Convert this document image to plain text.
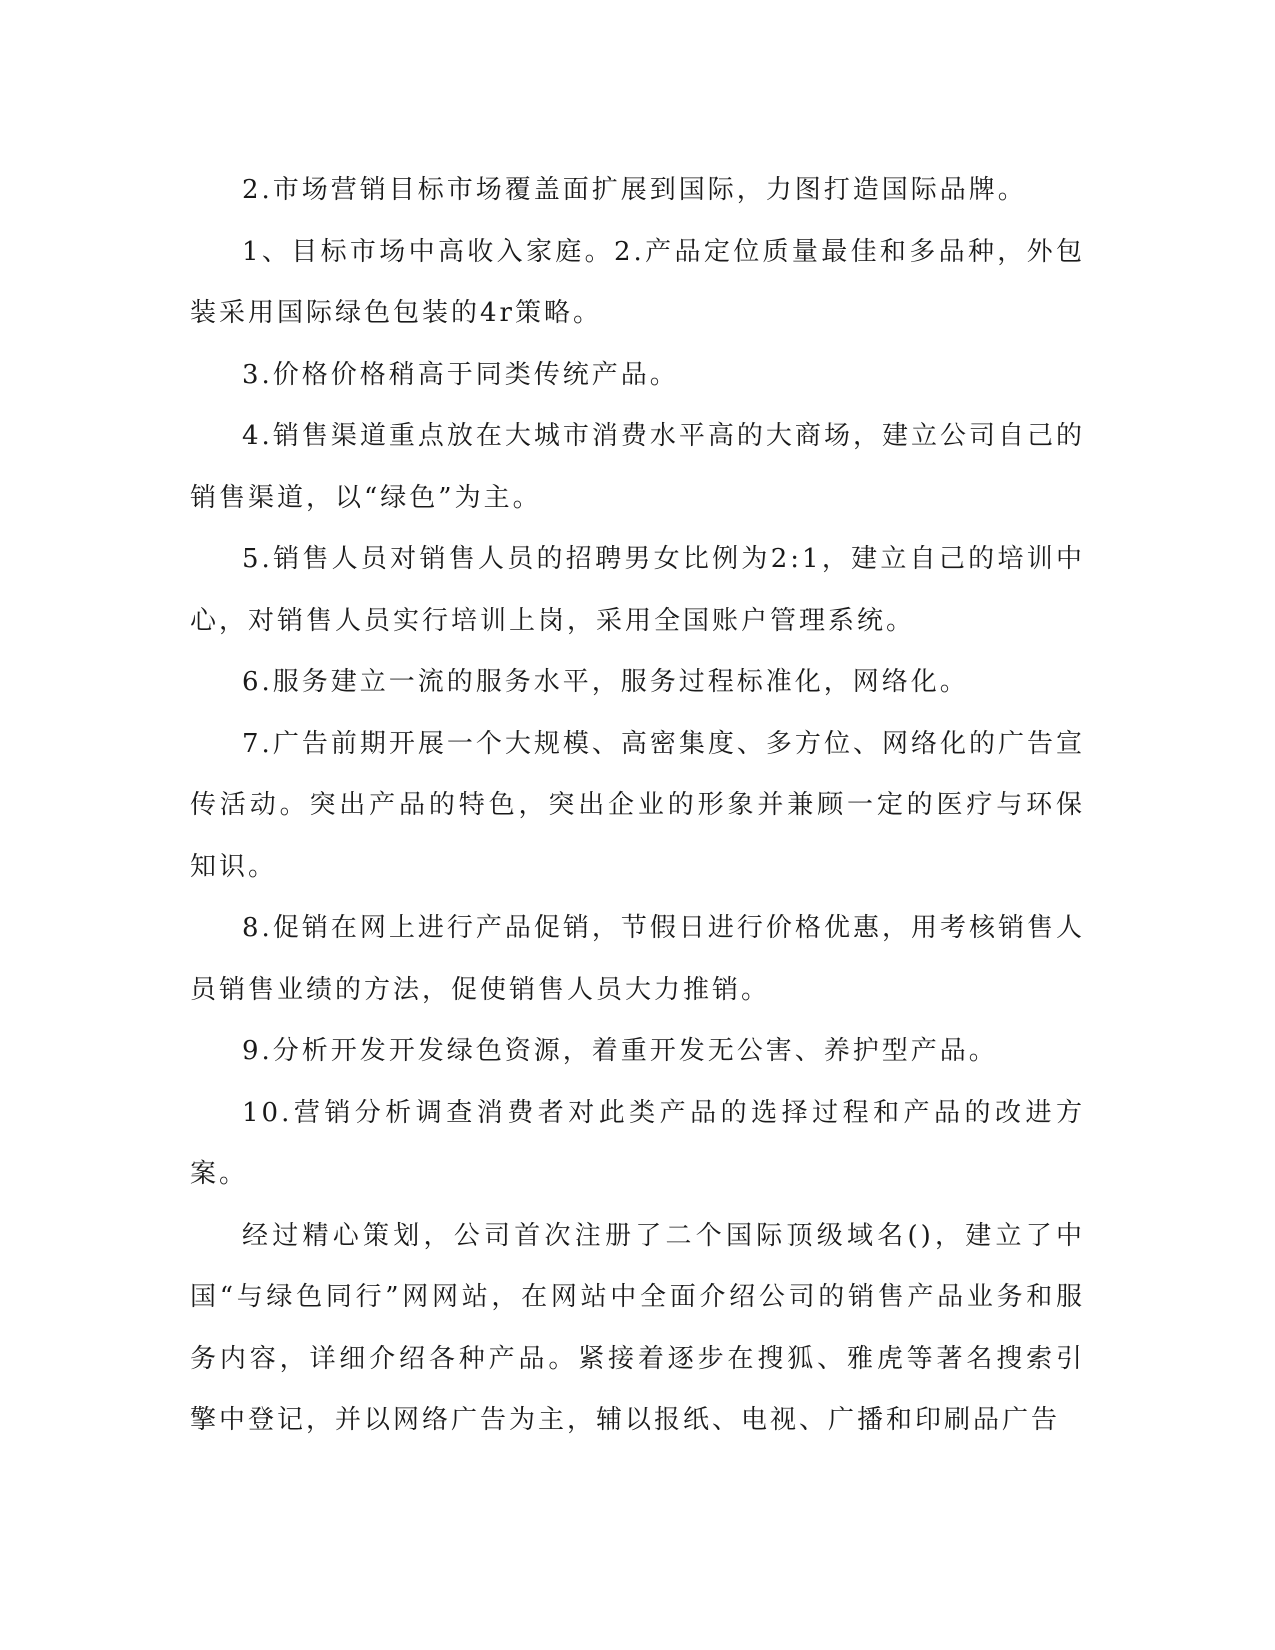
2.市场营销目标市场覆盖面扩展到国际，力图打造国际品牌。

1、目标市场中高收入家庭。2.产品定位质量最佳和多品种，外包装采用国际绿色包装的4r策略。

3.价格价格稍高于同类传统产品。

4.销售渠道重点放在大城市消费水平高的大商场，建立公司自己的销售渠道，以“绿色”为主。

5.销售人员对销售人员的招聘男女比例为2:1，建立自己的培训中心，对销售人员实行培训上岗，采用全国账户管理系统。

6.服务建立一流的服务水平，服务过程标准化，网络化。

7.广告前期开展一个大规模、高密集度、多方位、网络化的广告宣传活动。突出产品的特色，突出企业的形象并兼顾一定的医疗与环保知识。

8.促销在网上进行产品促销，节假日进行价格优惠，用考核销售人员销售业绩的方法，促使销售人员大力推销。

9.分析开发开发绿色资源，着重开发无公害、养护型产品。

10.营销分析调查消费者对此类产品的选择过程和产品的改进方案。

经过精心策划，公司首次注册了二个国际顶级域名()，建立了中国“与绿色同行”网网站，在网站中全面介绍公司的销售产品业务和服务内容，详细介绍各种产品。紧接着逐步在搜狐、雅虎等著名搜索引擎中登记，并以网络广告为主，辅以报纸、电视、广播和印刷品广告
